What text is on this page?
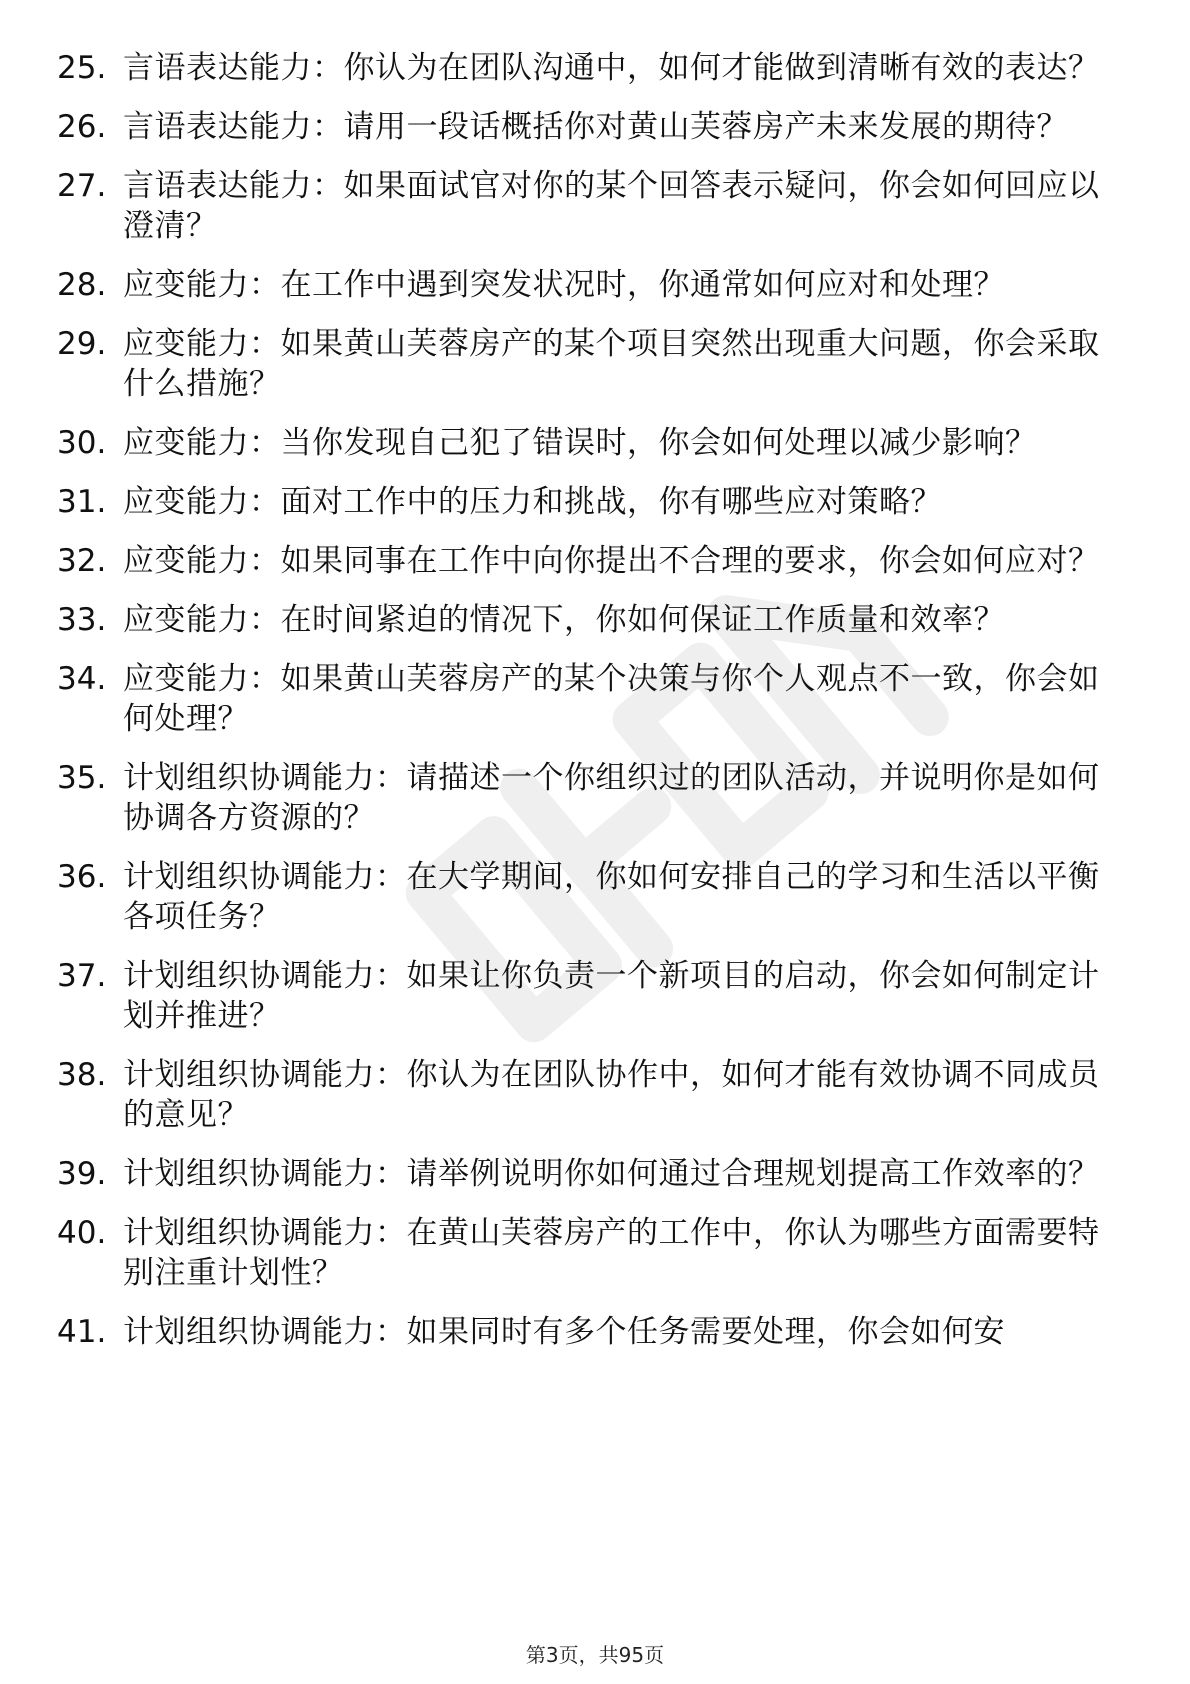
25. 言语表达能力：你认为在团队沟通中，如何才能做到清晰有效的表达？
26. 言语表达能力：请用一段话概括你对黄山芙蓉房产未来发展的期待？
27. 言语表达能力：如果面试官对你的某个回答表示疑问，你会如何回应以澄清？
28. 应变能力：在工作中遇到突发状况时，你通常如何应对和处理？
29. 应变能力：如果黄山芙蓉房产的某个项目突然出现重大问题，你会采取什么措施？
30. 应变能力：当你发现自己犯了错误时，你会如何处理以减少影响？
31. 应变能力：面对工作中的压力和挑战，你有哪些应对策略？
32. 应变能力：如果同事在工作中向你提出不合理的要求，你会如何应对？
33. 应变能力：在时间紧迫的情况下，你如何保证工作质量和效率？
34. 应变能力：如果黄山芙蓉房产的某个决策与你个人观点不一致，你会如何处理？
35. 计划组织协调能力：请描述一个你组织过的团队活动，并说明你是如何协调各方资源的？
36. 计划组织协调能力：在大学期间，你如何安排自己的学习和生活以平衡各项任务？
37. 计划组织协调能力：如果让你负责一个新项目的启动，你会如何制定计划并推进？
38. 计划组织协调能力：你认为在团队协作中，如何才能有效协调不同成员的意见？
39. 计划组织协调能力：请举例说明你如何通过合理规划提高工作效率的？
40. 计划组织协调能力：在黄山芙蓉房产的工作中，你认为哪些方面需要特别注重计划性？
41. 计划组织协调能力：如果同时有多个任务需要处理，你会如何安
第3页，共95页
